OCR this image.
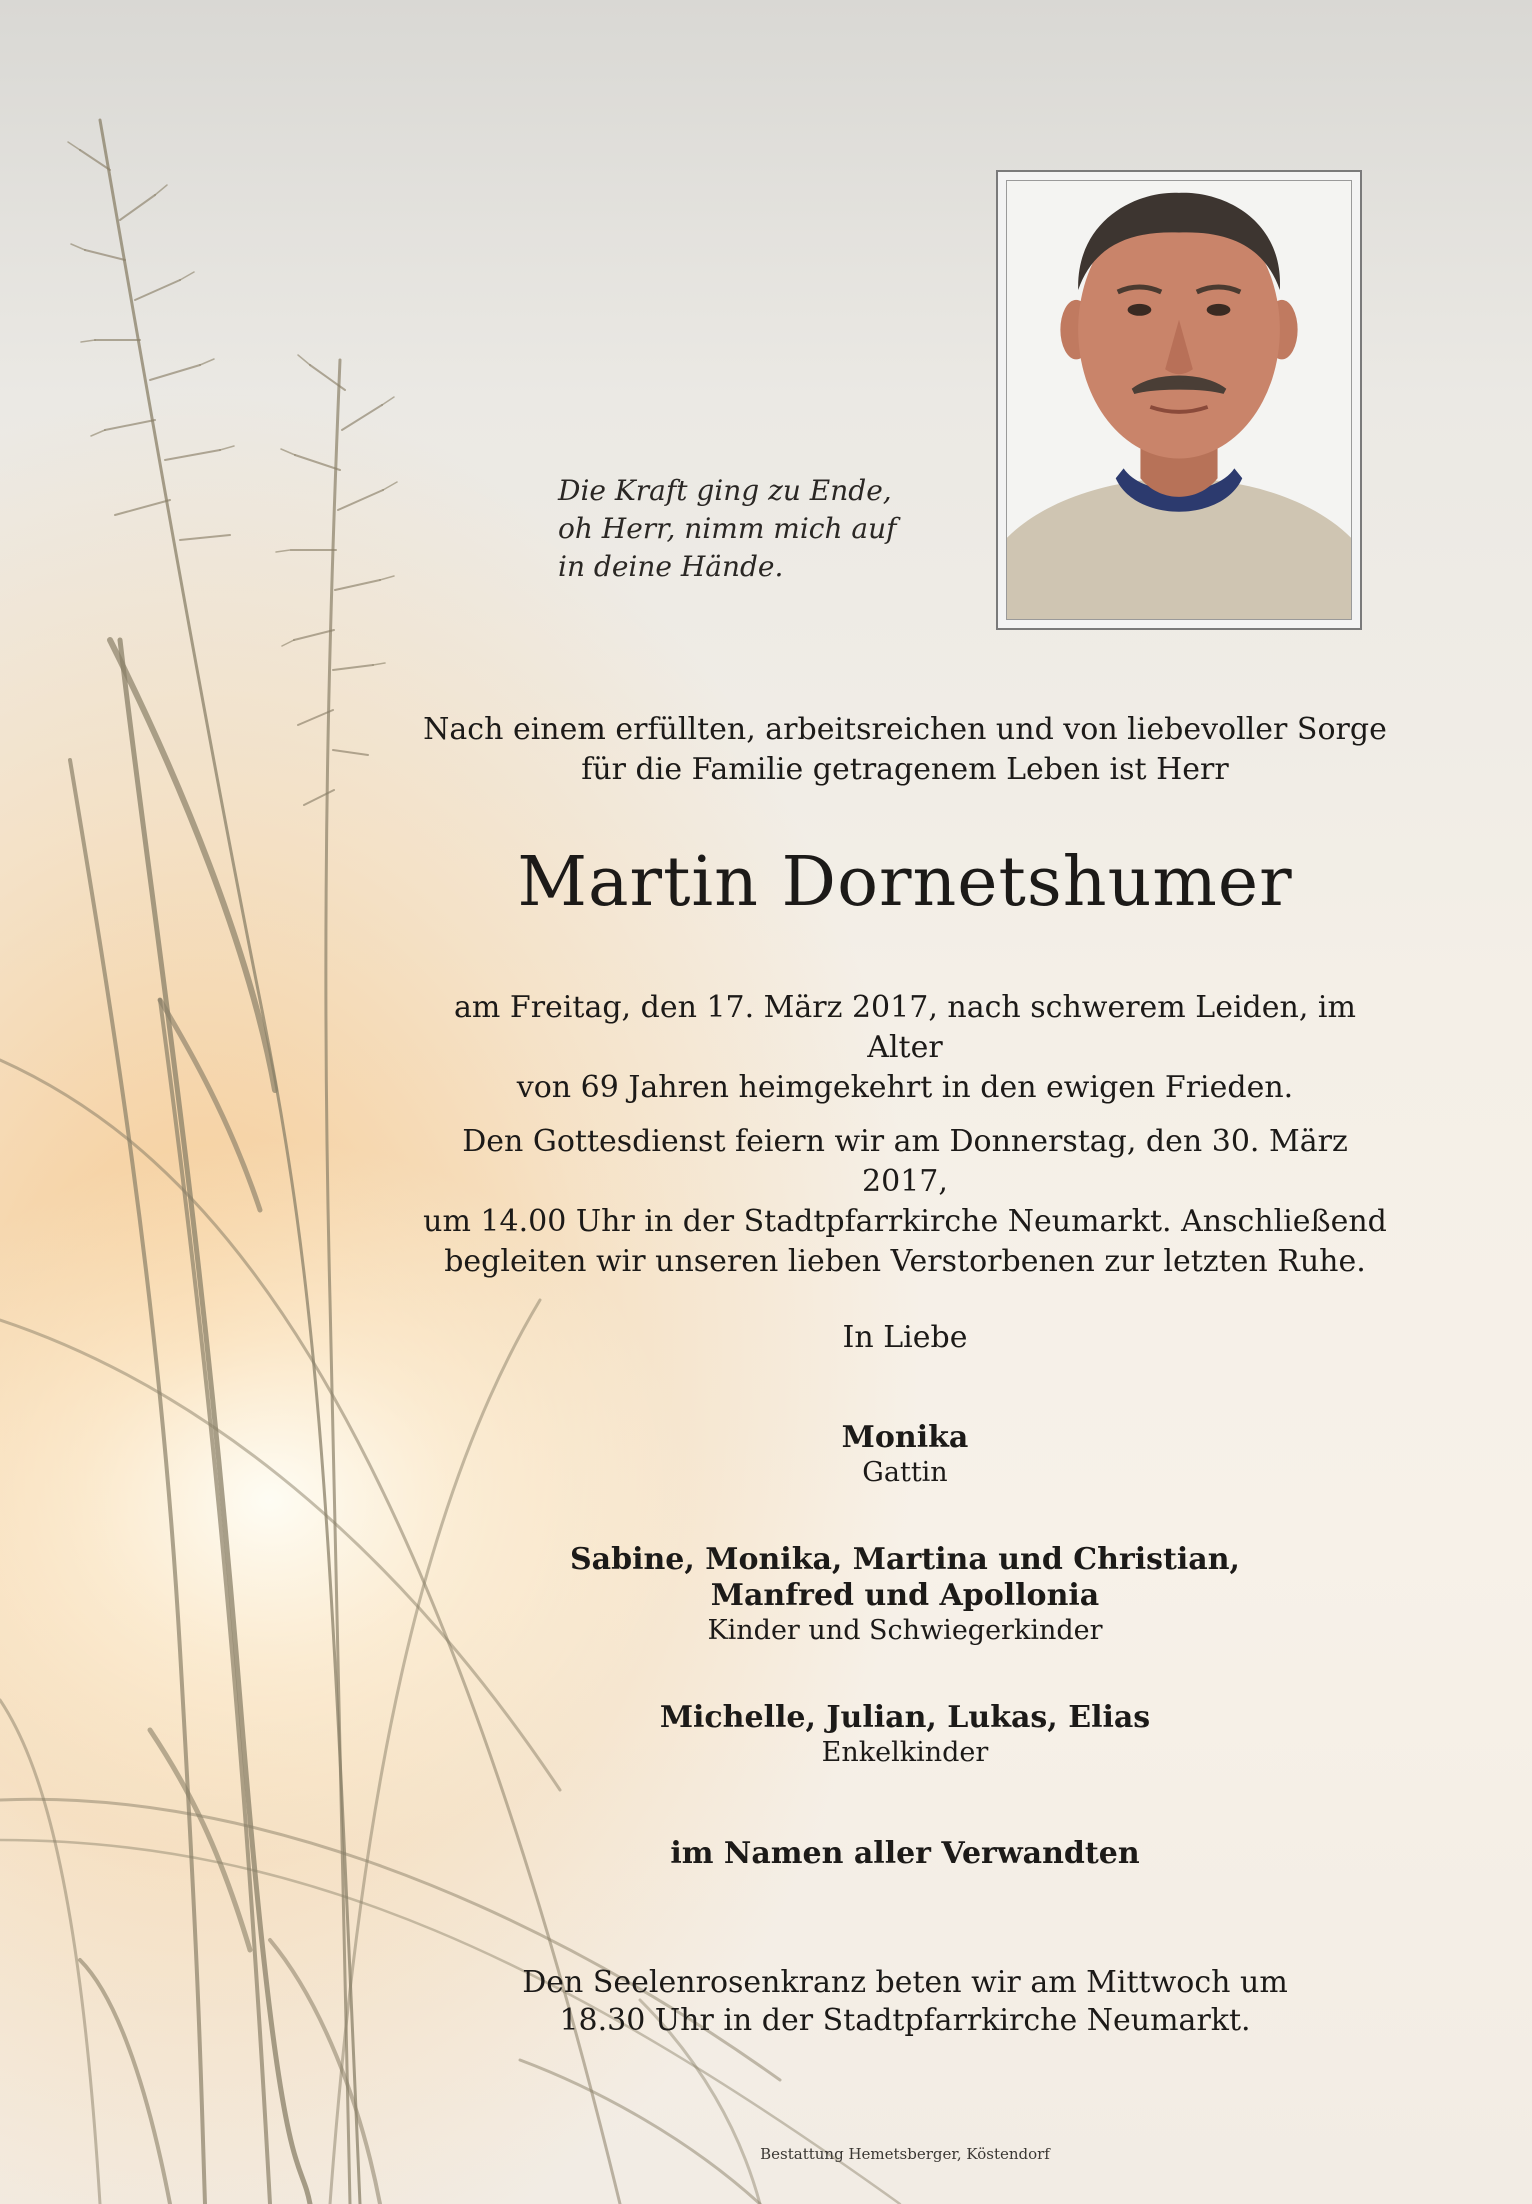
Die Kraft ging zu Ende,
oh Herr, nimm mich auf
in deine Hände.
Nach einem erfüllten, arbeitsreichen und von liebevoller Sorge
für die Familie getragenem Leben ist Herr
Martin Dornetshumer
am Freitag, den 17. März 2017, nach schwerem Leiden, im Alter
von 69 Jahren heimgekehrt in den ewigen Frieden.
Den Gottesdienst feiern wir am Donnerstag, den 30. März 2017,
um 14.00 Uhr in der Stadtpfarrkirche Neumarkt. Anschließend
begleiten wir unseren lieben Verstorbenen zur letzten Ruhe.
In Liebe
Monika
Gattin
Sabine, Monika, Martina und Christian,
Manfred und Apollonia
Kinder und Schwiegerkinder
Michelle, Julian, Lukas, Elias
Enkelkinder
im Namen aller Verwandten
Den Seelenrosenkranz beten wir am Mittwoch um
18.30 Uhr in der Stadtpfarrkirche Neumarkt.
Bestattung Hemetsberger, Köstendorf
